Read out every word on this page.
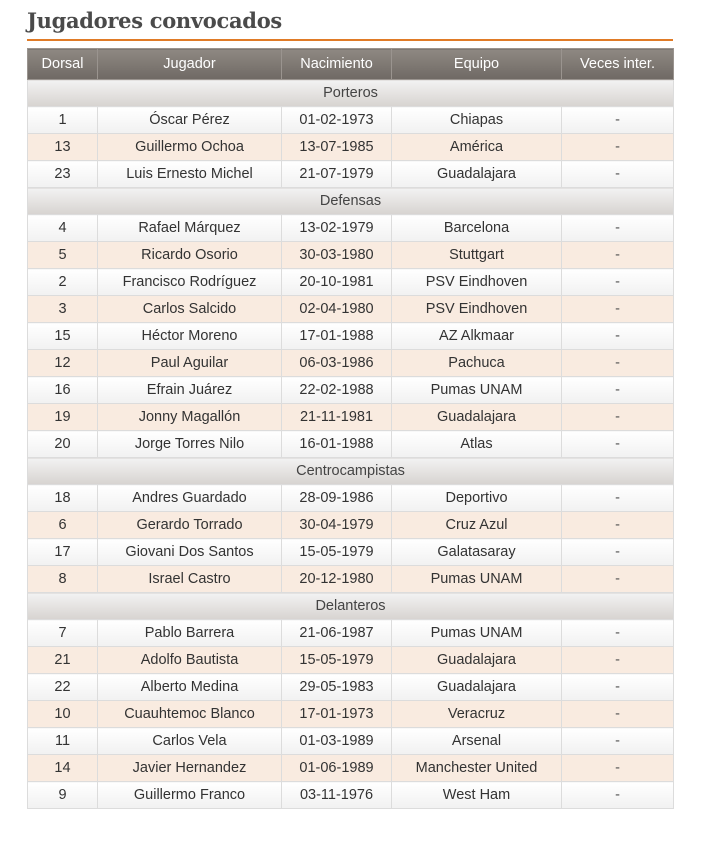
Jugadores convocados
Dorsal	Jugador	Nacimiento	Equipo	Veces inter.
Porteros				
1	Óscar Pérez	01-02-1973	Chiapas	-
13	Guillermo Ochoa	13-07-1985	América	-
23	Luis Ernesto Michel	21-07-1979	Guadalajara	-
Defensas				
4	Rafael Márquez	13-02-1979	Barcelona	-
5	Ricardo Osorio	30-03-1980	Stuttgart	-
2	Francisco Rodríguez	20-10-1981	PSV Eindhoven	-
3	Carlos Salcido	02-04-1980	PSV Eindhoven	-
15	Héctor Moreno	17-01-1988	AZ Alkmaar	-
12	Paul Aguilar	06-03-1986	Pachuca	-
16	Efrain Juárez	22-02-1988	Pumas UNAM	-
19	Jonny Magallón	21-11-1981	Guadalajara	-
20	Jorge Torres Nilo	16-01-1988	Atlas	-
Centrocampistas				
18	Andres Guardado	28-09-1986	Deportivo	-
6	Gerardo Torrado	30-04-1979	Cruz Azul	-
17	Giovani Dos Santos	15-05-1979	Galatasaray	-
8	Israel Castro	20-12-1980	Pumas UNAM	-
Delanteros				
7	Pablo Barrera	21-06-1987	Pumas UNAM	-
21	Adolfo Bautista	15-05-1979	Guadalajara	-
22	Alberto Medina	29-05-1983	Guadalajara	-
10	Cuauhtemoc Blanco	17-01-1973	Veracruz	-
11	Carlos Vela	01-03-1989	Arsenal	-
14	Javier Hernandez	01-06-1989	Manchester United	-
9	Guillermo Franco	03-11-1976	West Ham	-
